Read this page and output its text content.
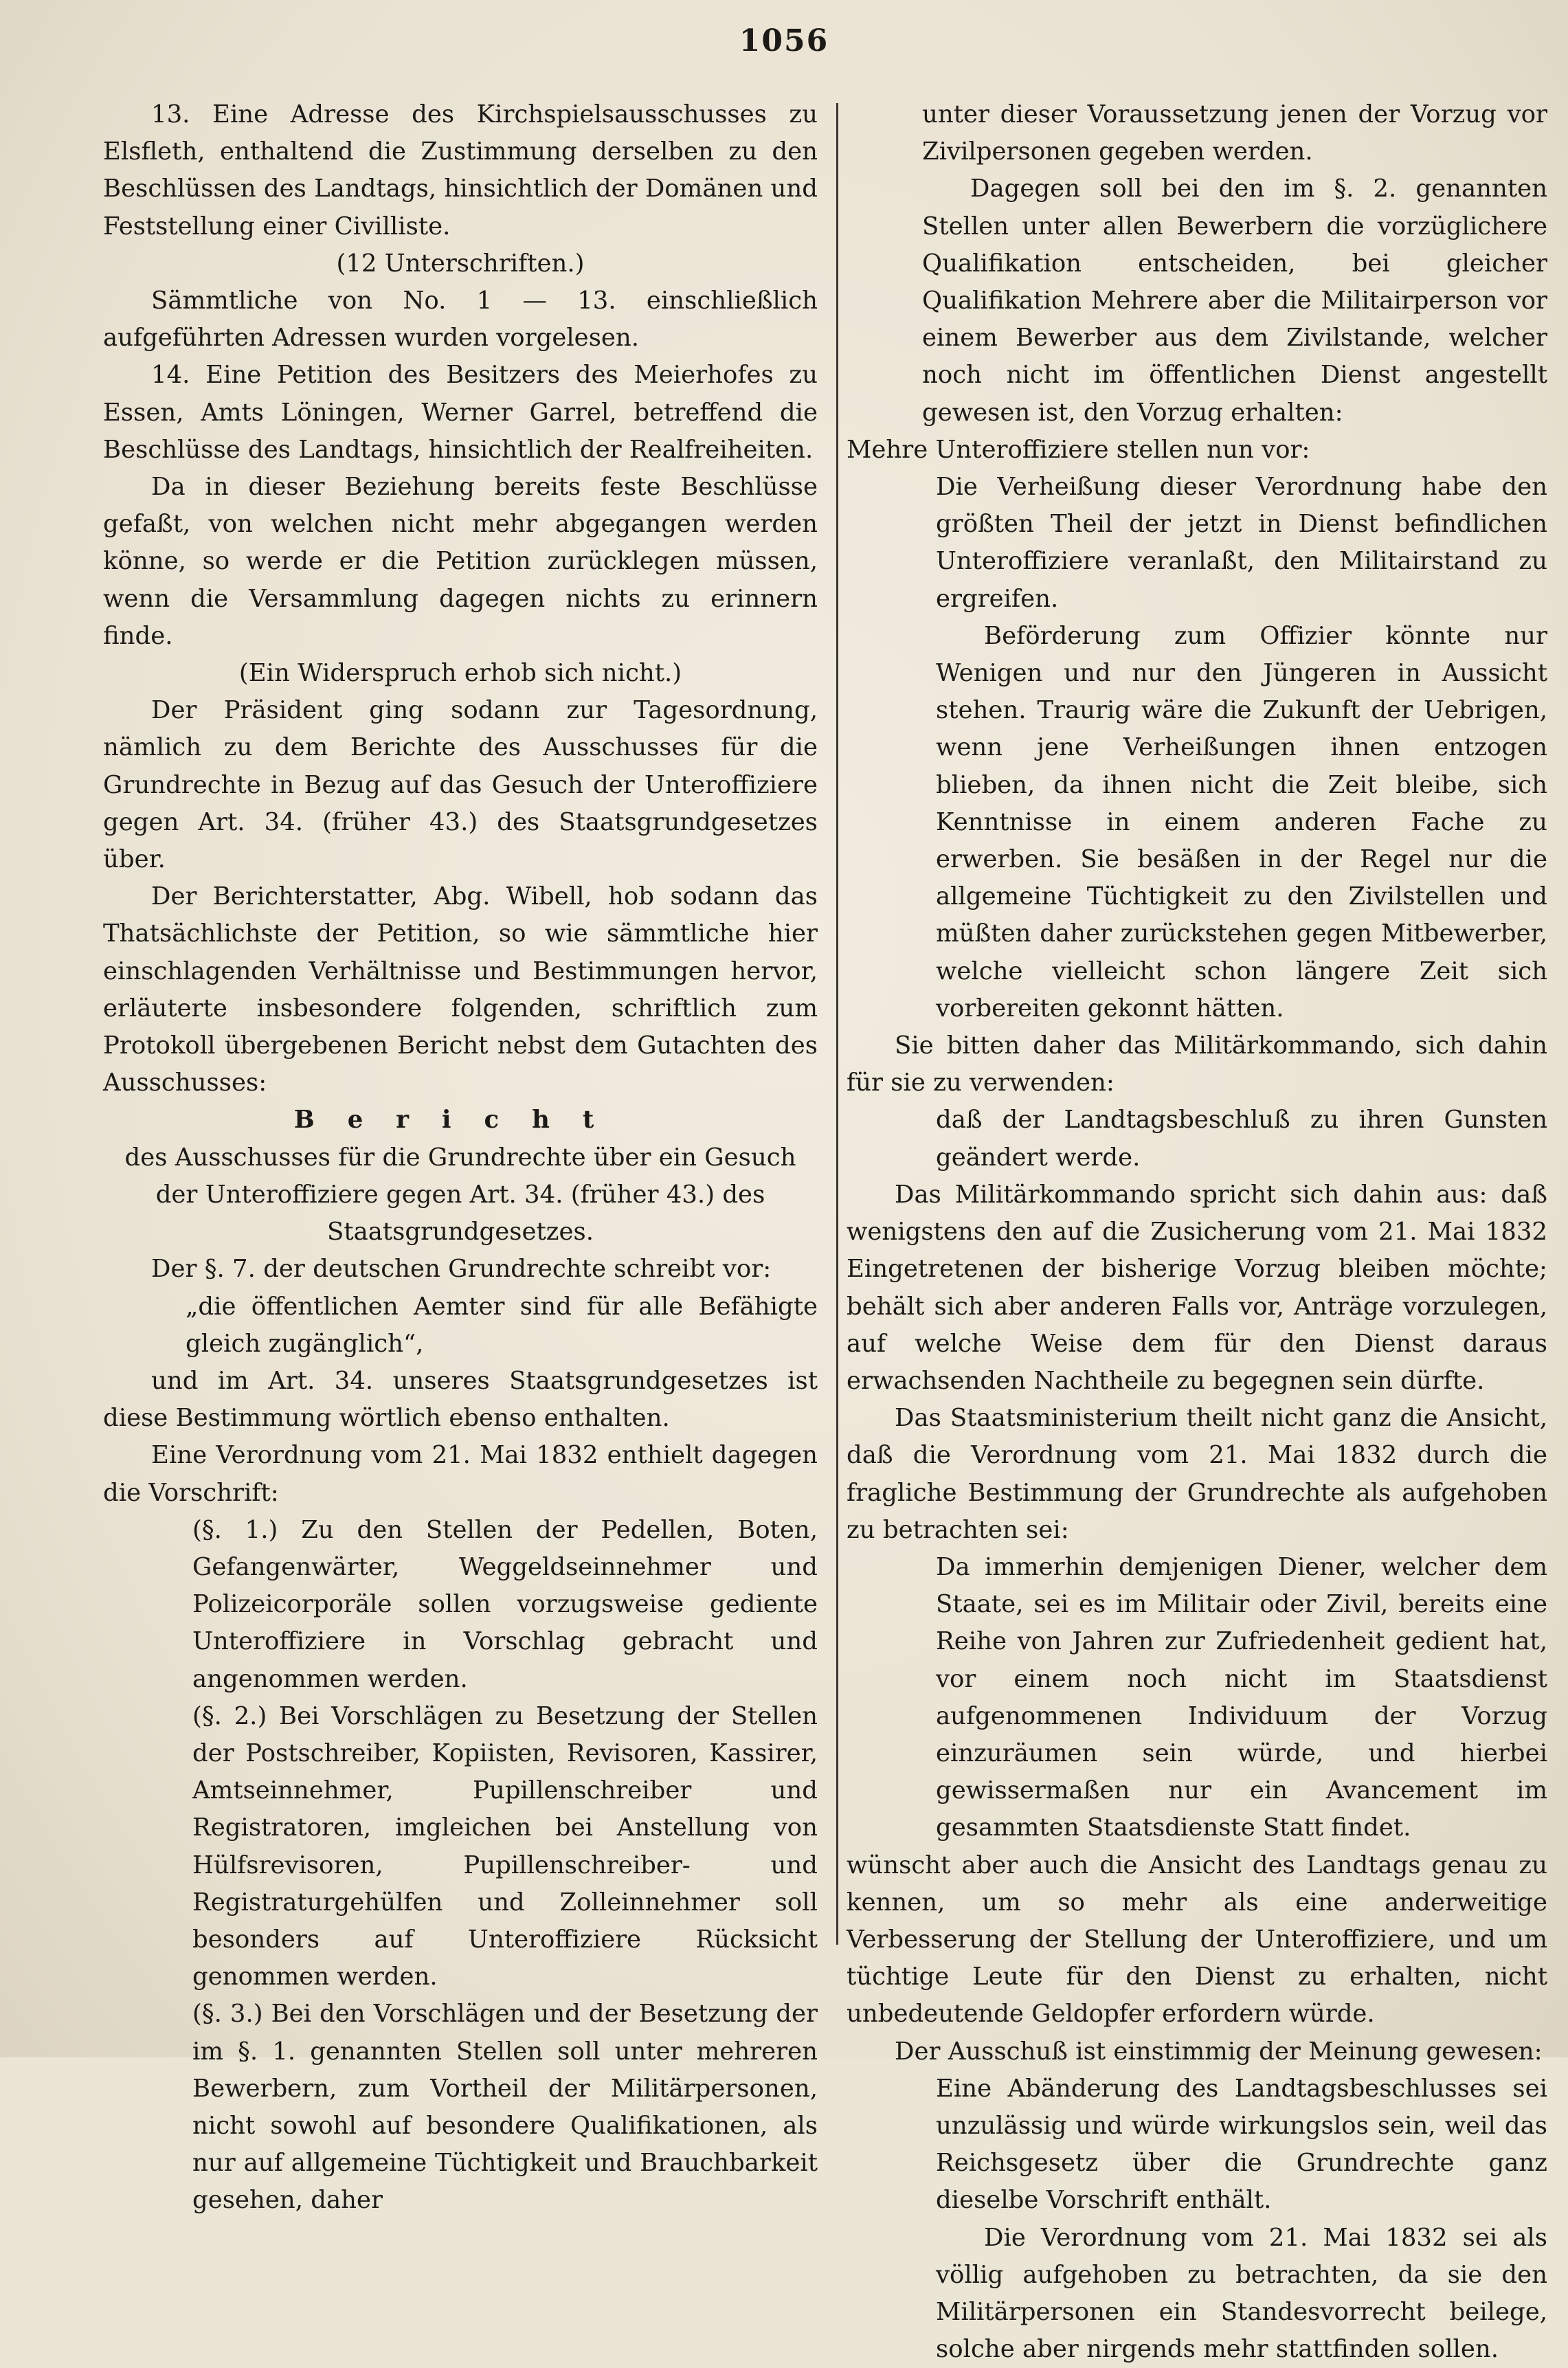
1056

13. Eine Adresse des Kirchspielsausschusses zu Elsfleth, enthaltend die Zustimmung derselben zu den Beschlüssen des Landtags, hinsichtlich der Domänen und Feststellung einer Civilliste.

(12 Unterschriften.)

Sämmtliche von No. 1 — 13. einschließlich aufgeführten Adressen wurden vorgelesen.

14. Eine Petition des Besitzers des Meierhofes zu Essen, Amts Löningen, Werner Garrel, betreffend die Beschlüsse des Landtags, hinsichtlich der Realfreiheiten.

Da in dieser Beziehung bereits feste Beschlüsse gefaßt, von welchen nicht mehr abgegangen werden könne, so werde er die Petition zurücklegen müssen, wenn die Versammlung dagegen nichts zu erinnern finde.

(Ein Widerspruch erhob sich nicht.)

Der Präsident ging sodann zur Tagesordnung, nämlich zu dem Berichte des Ausschusses für die Grundrechte in Bezug auf das Gesuch der Unteroffiziere gegen Art. 34. (früher 43.) des Staatsgrundgesetzes über.

Der Berichterstatter, Abg. Wibell, hob sodann das Thatsächlichste der Petition, so wie sämmtliche hier einschlagenden Verhältnisse und Bestimmungen hervor, erläuterte insbesondere folgenden, schriftlich zum Protokoll übergebenen Bericht nebst dem Gutachten des Ausschusses:

Bericht

des Ausschusses für die Grundrechte über ein Gesuch der Unteroffiziere gegen Art. 34. (früher 43.) des Staatsgrundgesetzes.

Der §. 7. der deutschen Grundrechte schreibt vor:

„die öffentlichen Aemter sind für alle Befähigte gleich zugänglich“,

und im Art. 34. unseres Staatsgrundgesetzes ist diese Bestimmung wörtlich ebenso enthalten.

Eine Verordnung vom 21. Mai 1832 enthielt dagegen die Vorschrift:

(§. 1.) Zu den Stellen der Pedellen, Boten, Gefangenwärter, Weggeldseinnehmer und Polizeicorporäle sollen vorzugsweise gediente Unteroffiziere in Vorschlag gebracht und angenommen werden.

(§. 2.) Bei Vorschlägen zu Besetzung der Stellen der Postschreiber, Kopiisten, Revisoren, Kassirer, Amtseinnehmer, Pupillenschreiber und Registratoren, imgleichen bei Anstellung von Hülfsrevisoren, Pupillenschreiber- und Registraturgehülfen und Zolleinnehmer soll besonders auf Unteroffiziere Rücksicht genommen werden.

(§. 3.) Bei den Vorschlägen und der Besetzung der im §. 1. genannten Stellen soll unter mehreren Bewerbern, zum Vortheil der Militärpersonen, nicht sowohl auf besondere Qualifikationen, als nur auf allgemeine Tüchtigkeit und Brauchbarkeit gesehen, daher

unter dieser Voraussetzung jenen der Vorzug vor Zivilpersonen gegeben werden.

Dagegen soll bei den im §. 2. genannten Stellen unter allen Bewerbern die vorzüglichere Qualifikation entscheiden, bei gleicher Qualifikation Mehrere aber die Militairperson vor einem Bewerber aus dem Zivilstande, welcher noch nicht im öffentlichen Dienst angestellt gewesen ist, den Vorzug erhalten:

Mehre Unteroffiziere stellen nun vor:

Die Verheißung dieser Verordnung habe den größten Theil der jetzt in Dienst befindlichen Unteroffiziere veranlaßt, den Militairstand zu ergreifen.

Beförderung zum Offizier könnte nur Wenigen und nur den Jüngeren in Aussicht stehen. Traurig wäre die Zukunft der Uebrigen, wenn jene Verheißungen ihnen entzogen blieben, da ihnen nicht die Zeit bleibe, sich Kenntnisse in einem anderen Fache zu erwerben. Sie besäßen in der Regel nur die allgemeine Tüchtigkeit zu den Zivilstellen und müßten daher zurückstehen gegen Mitbewerber, welche vielleicht schon längere Zeit sich vorbereiten gekonnt hätten.

Sie bitten daher das Militärkommando, sich dahin für sie zu verwenden:

daß der Landtagsbeschluß zu ihren Gunsten geändert werde.

Das Militärkommando spricht sich dahin aus: daß wenigstens den auf die Zusicherung vom 21. Mai 1832 Eingetretenen der bisherige Vorzug bleiben möchte; behält sich aber anderen Falls vor, Anträge vorzulegen, auf welche Weise dem für den Dienst daraus erwachsenden Nachtheile zu begegnen sein dürfte.

Das Staatsministerium theilt nicht ganz die Ansicht, daß die Verordnung vom 21. Mai 1832 durch die fragliche Bestimmung der Grundrechte als aufgehoben zu betrachten sei:

Da immerhin demjenigen Diener, welcher dem Staate, sei es im Militair oder Zivil, bereits eine Reihe von Jahren zur Zufriedenheit gedient hat, vor einem noch nicht im Staatsdienst aufgenommenen Individuum der Vorzug einzuräumen sein würde, und hierbei gewissermaßen nur ein Avancement im gesammten Staatsdienste Statt findet.

wünscht aber auch die Ansicht des Landtags genau zu kennen, um so mehr als eine anderweitige Verbesserung der Stellung der Unteroffiziere, und um tüchtige Leute für den Dienst zu erhalten, nicht unbedeutende Geldopfer erfordern würde.

Der Ausschuß ist einstimmig der Meinung gewesen:

Eine Abänderung des Landtagsbeschlusses sei unzulässig und würde wirkungslos sein, weil das Reichsgesetz über die Grundrechte ganz dieselbe Vorschrift enthält.

Die Verordnung vom 21. Mai 1832 sei als völlig aufgehoben zu betrachten, da sie den Militärpersonen ein Standesvorrecht beilege, solche aber nirgends mehr stattfinden sollen.
